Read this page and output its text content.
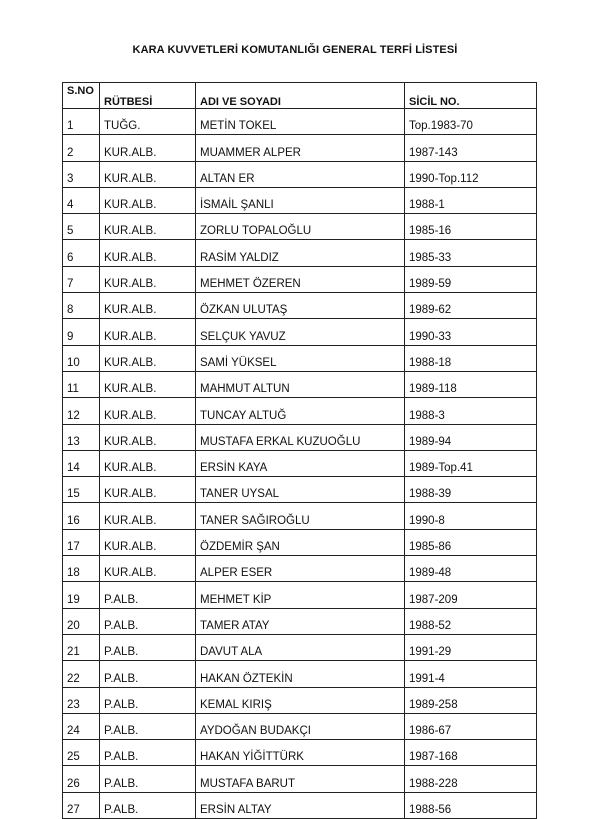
KARA KUVVETLERİ KOMUTANLIĞI GENERAL TERFİ LİSTESİ
S.NO	RÜTBESİ	ADI VE SOYADI	SİCİL NO.
1	TUĞG.	METİN TOKEL	Top.1983-70
2	KUR.ALB.	MUAMMER ALPER	1987-143
3	KUR.ALB.	ALTAN ER	1990-Top.112
4	KUR.ALB.	İSMAİL ŞANLI	1988-1
5	KUR.ALB.	ZORLU TOPALOĞLU	1985-16
6	KUR.ALB.	RASİM YALDIZ	1985-33
7	KUR.ALB.	MEHMET ÖZEREN	1989-59
8	KUR.ALB.	ÖZKAN ULUTAŞ	1989-62
9	KUR.ALB.	SELÇUK YAVUZ	1990-33
10	KUR.ALB.	SAMİ YÜKSEL	1988-18
11	KUR.ALB.	MAHMUT ALTUN	1989-118
12	KUR.ALB.	TUNCAY ALTUĞ	1988-3
13	KUR.ALB.	MUSTAFA ERKAL KUZUOĞLU	1989-94
14	KUR.ALB.	ERSİN KAYA	1989-Top.41
15	KUR.ALB.	TANER UYSAL	1988-39
16	KUR.ALB.	TANER SAĞIROĞLU	1990-8
17	KUR.ALB.	ÖZDEMİR ŞAN	1985-86
18	KUR.ALB.	ALPER ESER	1989-48
19	P.ALB.	MEHMET KİP	1987-209
20	P.ALB.	TAMER ATAY	1988-52
21	P.ALB.	DAVUT ALA	1991-29
22	P.ALB.	HAKAN ÖZTEKİN	1991-4
23	P.ALB.	KEMAL KIRIŞ	1989-258
24	P.ALB.	AYDOĞAN BUDAKÇI	1986-67
25	P.ALB.	HAKAN YİĞİTTÜRK	1987-168
26	P.ALB.	MUSTAFA BARUT	1988-228
27	P.ALB.	ERSİN ALTAY	1988-56
